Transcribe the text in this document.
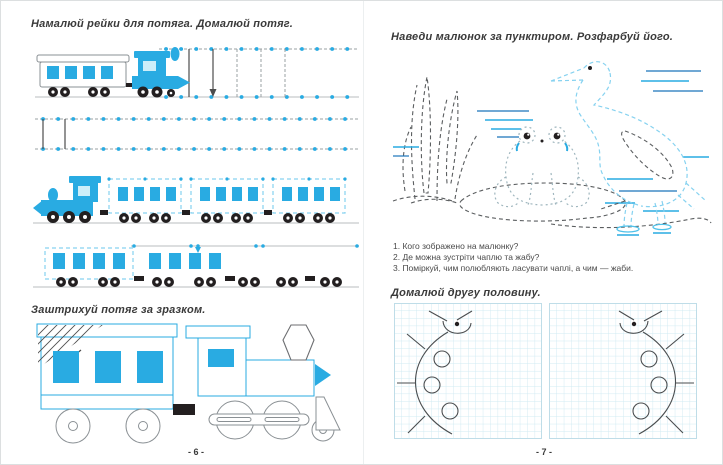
Намалюй рейки для потяга. Домалюй потяг.
Заштрихуй потяг за зразком.
- 6 -
Наведи малюнок за пунктиром. Розфарбуй його.
1. Кого зображено на малюнку?
2. Де можна зустріти чаплю та жабу?
3. Поміркуй, чим полюбляють ласувати чаплі, а чим — жаби.
Домалюй другу половину.
- 7 -
